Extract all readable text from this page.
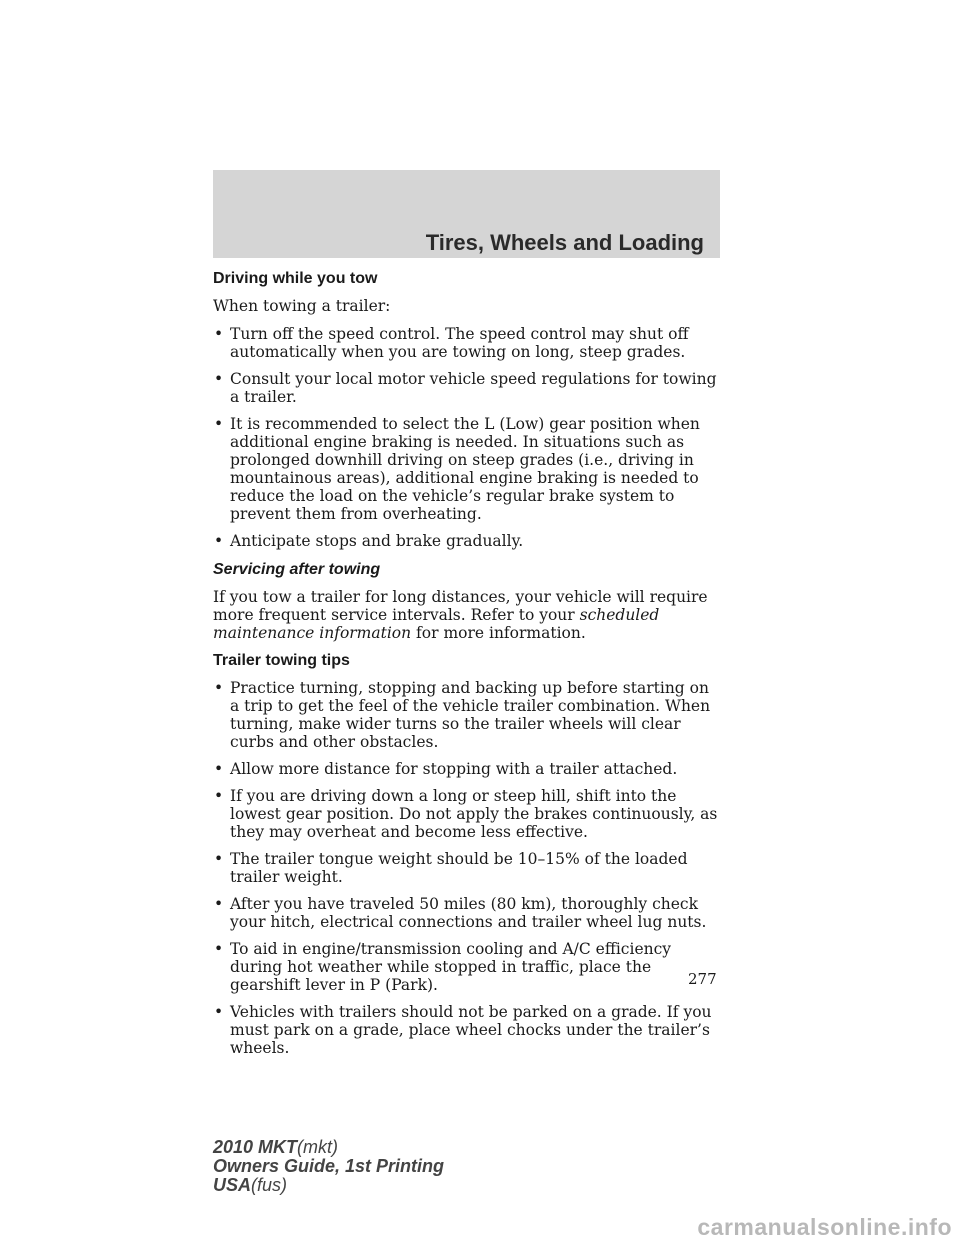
Tires, Wheels and Loading
Driving while you tow

When towing a trailer:

• Turn off the speed control. The speed control may shut off automatically when you are towing on long, steep grades.
• Consult your local motor vehicle speed regulations for towing a trailer.
• It is recommended to select the L (Low) gear position when additional engine braking is needed. In situations such as prolonged downhill driving on steep grades (i.e., driving in mountainous areas), additional engine braking is needed to reduce the load on the vehicle’s regular brake system to prevent them from overheating.
• Anticipate stops and brake gradually.
Servicing after towing

If you tow a trailer for long distances, your vehicle will require more frequent service intervals. Refer to your scheduled maintenance information for more information.

Trailer towing tips
• Practice turning, stopping and backing up before starting on a trip to get the feel of the vehicle trailer combination. When turning, make wider turns so the trailer wheels will clear curbs and other obstacles.
• Allow more distance for stopping with a trailer attached.
• If you are driving down a long or steep hill, shift into the lowest gear position. Do not apply the brakes continuously, as they may overheat and become less effective.
• The trailer tongue weight should be 10–15% of the loaded trailer weight.
• After you have traveled 50 miles (80 km), thoroughly check your hitch, electrical connections and trailer wheel lug nuts.
• To aid in engine/transmission cooling and A/C efficiency during hot weather while stopped in traffic, place the gearshift lever in P (Park).
• Vehicles with trailers should not be parked on a grade. If you must park on a grade, place wheel chocks under the trailer’s wheels.
277
2010 MKT(mkt)
Owners Guide, 1st Printing
USA(fus)
carmanualsonline.info
